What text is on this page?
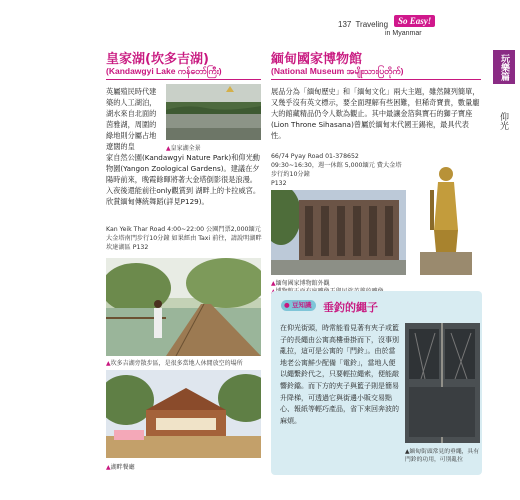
137 Traveling	So Easy!
in Myanmar
玩樂篇
仰光
皇家湖(坎多吉湖)
(Kandawgyi Lake ကန်တော်ကြီး)
英屬殖民時代建築的人工湖泊，湖水來自北面的茵雅湖，周圍的綠地則分屬占地遼闊的皇	▲皇家湖全景
家自然公園(Kandawgyi Nature Park)和仰光動物園(Yangon Zoological Gardens)。建議在夕陽時前來，晚霞餘暉將著大金塔倒影很是浪漫。入夜後還能前往only觀賞到 湖畔上的卡拉威宮。欣賞緬甸傳統舞蹈(詳見P129)。
Kan Yeik Thar Road 4:00~22:00 公園門票2,000緬元
大金塔南門步行10分鐘 如果經由 Taxi 前往，請說明湖畔
坎達湖區 P132
▲坎多吉湖旁散步區，是很多當地人休閒放空的場所
▲湖畔餐廳
緬甸國家博物館
(National Museum အမျိုးသားပြတိုက်)
展品分為「緬甸歷史」和「緬甸文化」兩大主題，雖然陳列簡單，又幾乎沒有英文標示，要全面理解有些困難，但稀奇寶貴，數量龐大的館藏精品仍令人歎為觀止。其中最讓金箔與寶石的獅子寶座(Lion Throne Sihasana)曾屬於緬甸末代國王錫袍，最具代表性。
66/74 Pyay Road 01-378652 09:30~16:30，週一休館 5,000緬元 費大金塔步行約10分鐘
P132
▲緬甸國家博物館外觀
● 豆知識	垂釣的繩子
在仰光街頭，時常能看見著有夾子或籃子的長繩由公寓高樓垂掛而下，沒事別亂拉，這可是公寓的「門鈴」。由於當地老公寓鮮少配備「電鈴」，當地人便以繩繫鈴代之，只要輕拉繩索，便能敲響鈴鐺。而下方的夾子與籃子則是簡易升降梯，可透過它與街邊小販交易點心、報紙等輕巧產品，省下來回奔波的麻煩。
▲緬甸街頭常見的垂繩，具有門鈴的功用，可別亂拉
